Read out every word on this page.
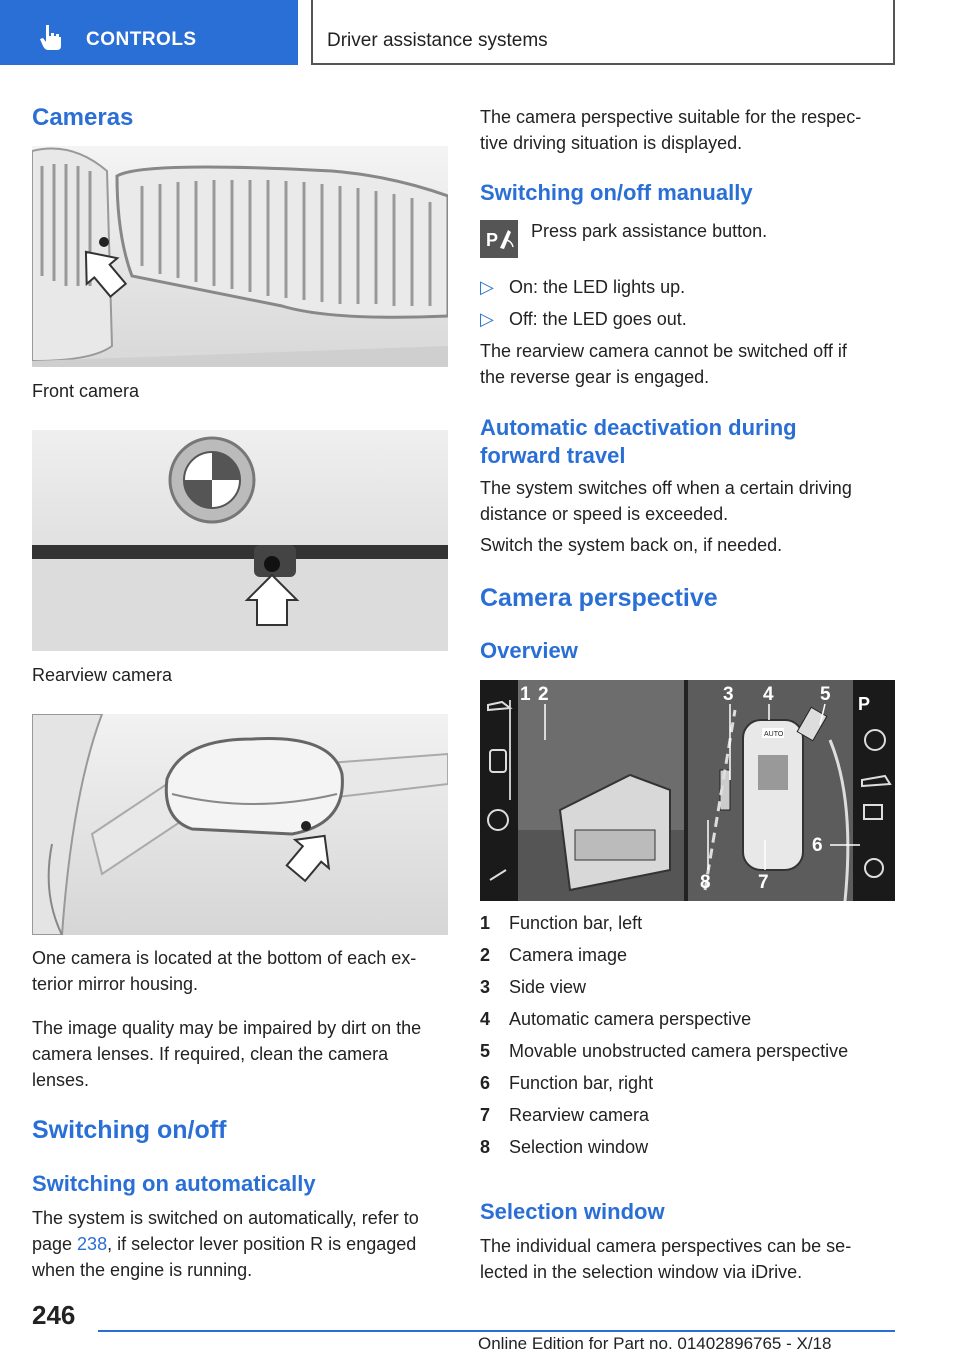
CONTROLS	Driver assistance systems
Cameras
Front camera
Rearview camera
One camera is located at the bottom of each ex-
terior mirror housing.
The image quality may be impaired by dirt on the
camera lenses. If required, clean the camera
lenses.
Switching on/off
Switching on automatically
The system is switched on automatically, refer to
page 238, if selector lever position R is engaged
when the engine is running.
The camera perspective suitable for the respec-
tive driving situation is displayed.
Switching on/off manually
P Press park assistance button.
▷ On: the LED lights up.
▷ Off: the LED goes out.
The rearview camera cannot be switched off if
the reverse gear is engaged.
Automatic deactivation during
forward travel
The system switches off when a certain driving
distance or speed is exceeded.
Switch the system back on, if needed.
Camera perspective
Overview
AUTO
1 2	3 4 5
6
7
8
P
1 Function bar, left
2 Camera image
3 Side view
4 Automatic camera perspective
5 Movable unobstructed camera perspective
6 Function bar, right
7 Rearview camera
8 Selection window
Selection window
The individual camera perspectives can be se-
lected in the selection window via iDrive.
246
Online Edition for Part no. 01402896765 - X/18
